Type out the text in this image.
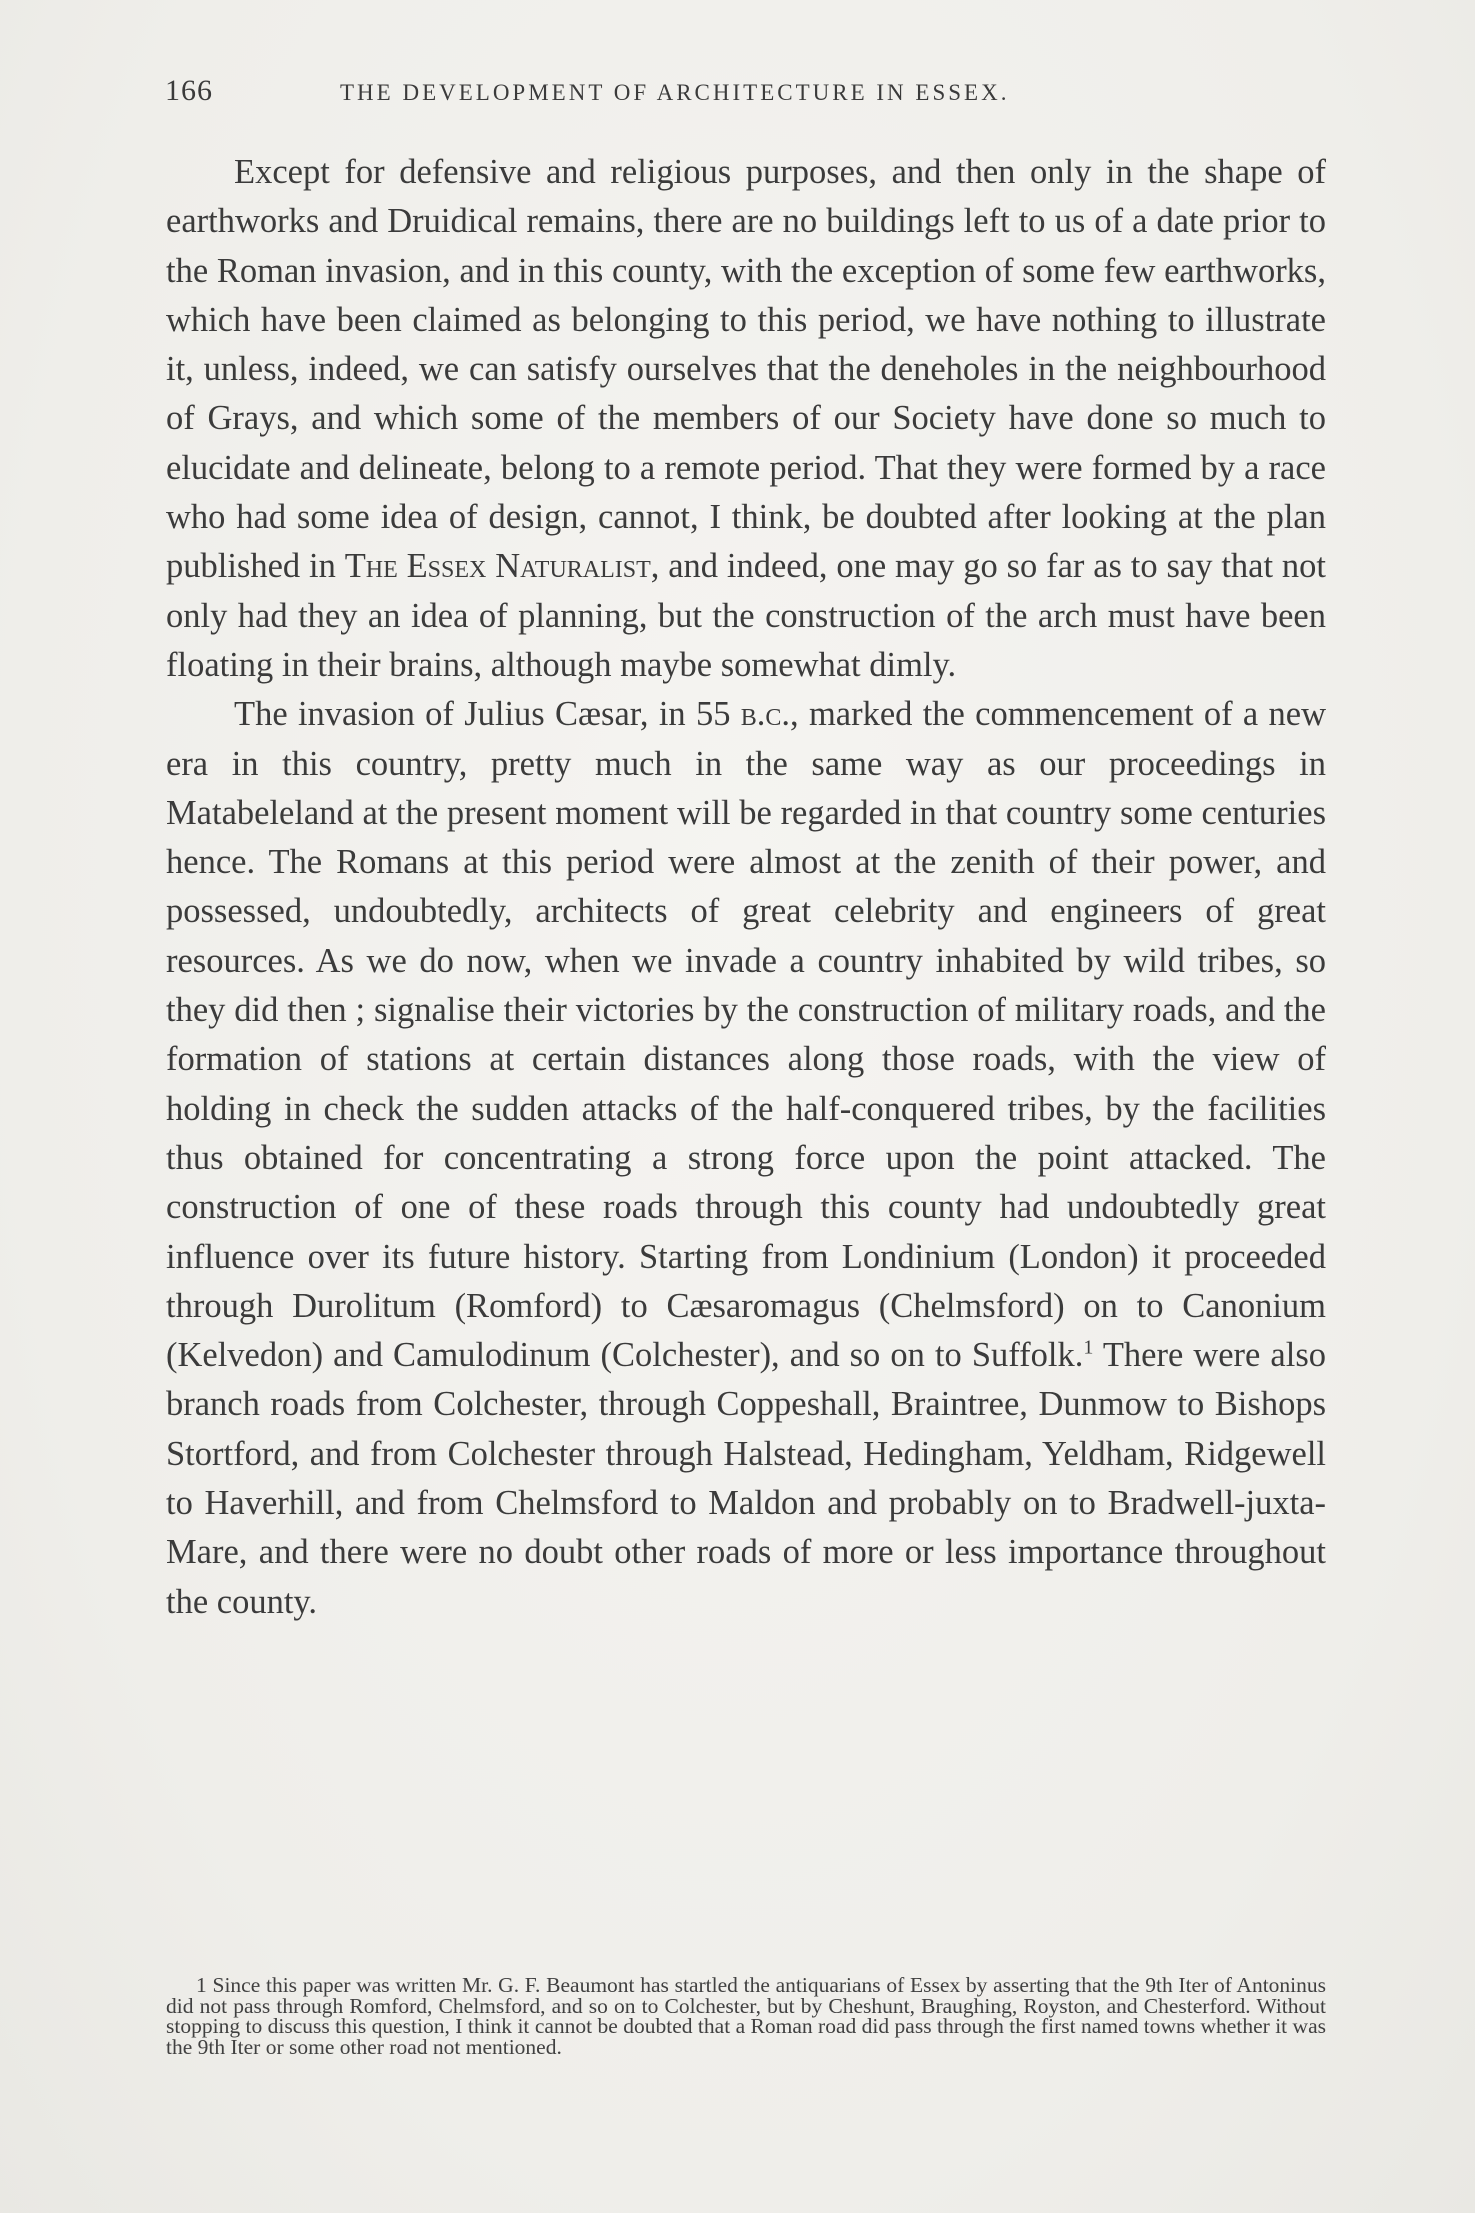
166	THE DEVELOPMENT OF ARCHITECTURE IN ESSEX.

Except for defensive and religious purposes, and then only in the shape of earthworks and Druidical remains, there are no buildings left to us of a date prior to the Roman invasion, and in this county, with the exception of some few earthworks, which have been claimed as belonging to this period, we have nothing to illustrate it, unless, indeed, we can satisfy ourselves that the deneholes in the neighbourhood of Grays, and which some of the members of our Society have done so much to elucidate and delineate, belong to a remote period. That they were formed by a race who had some idea of design, cannot, I think, be doubted after looking at the plan published in The Essex Naturalist, and indeed, one may go so far as to say that not only had they an idea of planning, but the construction of the arch must have been floating in their brains, although maybe somewhat dimly.

The invasion of Julius Cæsar, in 55 b.c., marked the commencement of a new era in this country, pretty much in the same way as our proceedings in Matabeleland at the present moment will be regarded in that country some centuries hence. The Romans at this period were almost at the zenith of their power, and possessed, undoubtedly, architects of great celebrity and engineers of great resources. As we do now, when we invade a country inhabited by wild tribes, so they did then ; signalise their victories by the construction of military roads, and the formation of stations at certain distances along those roads, with the view of holding in check the sudden attacks of the half-conquered tribes, by the facilities thus obtained for concentrating a strong force upon the point attacked. The construction of one of these roads through this county had undoubtedly great influence over its future history. Starting from Londinium (London) it proceeded through Durolitum (Romford) to Cæsaromagus (Chelmsford) on to Canonium (Kelvedon) and Camulodinum (Colchester), and so on to Suffolk.$^1$ There were also branch roads from Colchester, through Coppeshall, Braintree, Dunmow to Bishops Stortford, and from Colchester through Halstead, Hedingham, Yeldham, Ridgewell to Haverhill, and from Chelmsford to Maldon and probably on to Bradwell-juxta-Mare, and there were no doubt other roads of more or less importance throughout the county.

1 Since this paper was written Mr. G. F. Beaumont has startled the antiquarians of Essex by asserting that the 9th Iter of Antoninus did not pass through Romford, Chelmsford, and so on to Colchester, but by Cheshunt, Braughing, Royston, and Chesterford. Without stopping to discuss this question, I think it cannot be doubted that a Roman road did pass through the first named towns whether it was the 9th Iter or some other road not mentioned.
